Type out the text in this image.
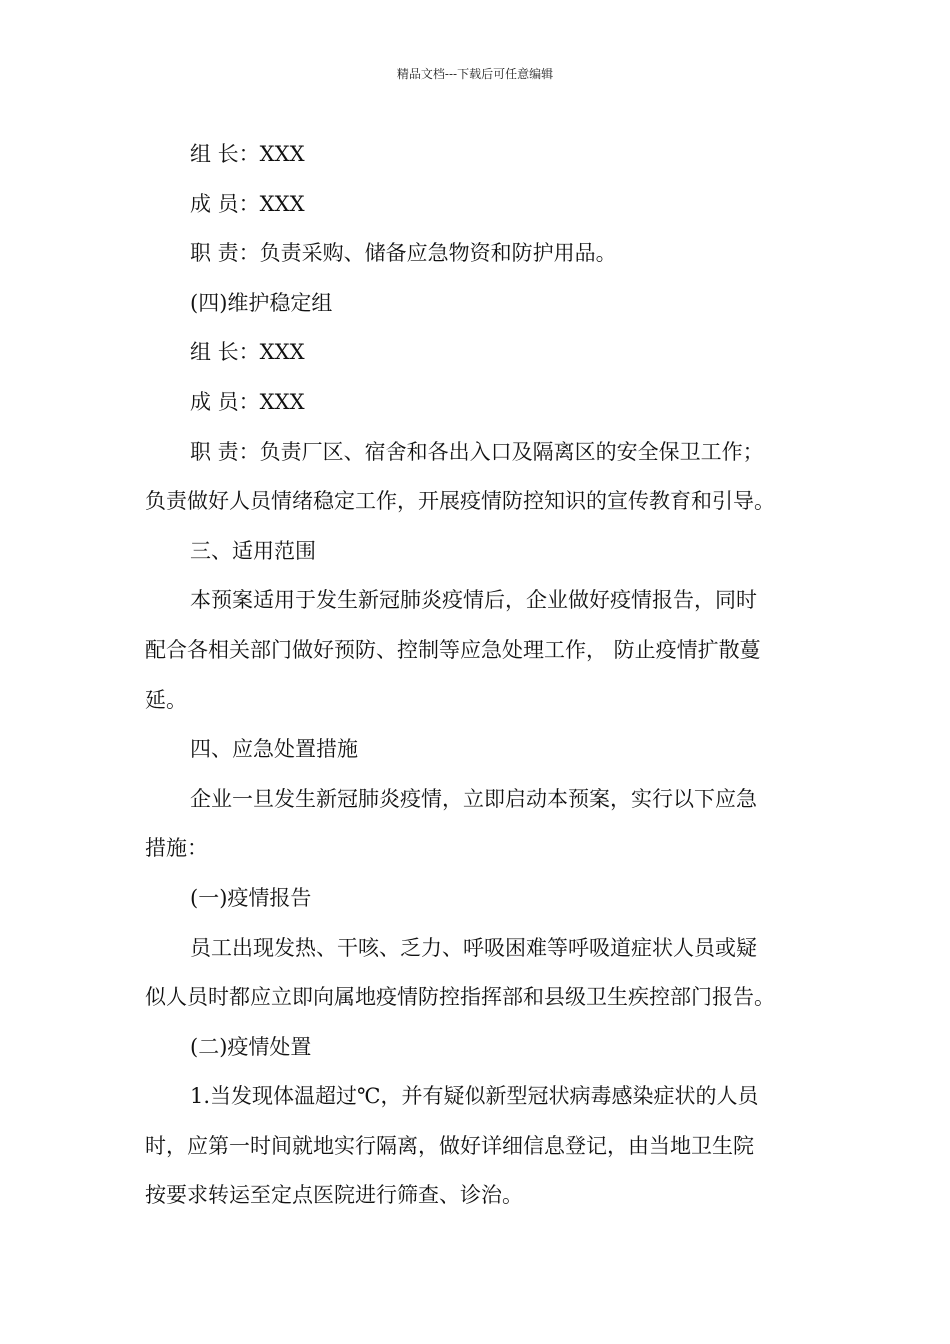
精品文档---下载后可任意编辑

组 长：XXX

成 员：XXX

职 责：负责采购、储备应急物资和防护用品。

(四)维护稳定组

组 长：XXX

成 员：XXX

职 责：负责厂区、宿舍和各出入口及隔离区的安全保卫工作；

负责做好人员情绪稳定工作，开展疫情防控知识的宣传教育和引导。

三、适用范围

本预案适用于发生新冠肺炎疫情后，企业做好疫情报告，同时

配合各相关部门做好预防、控制等应急处理工作， 防止疫情扩散蔓

延。

四、应急处置措施

企业一旦发生新冠肺炎疫情，立即启动本预案，实行以下应急

措施：

(一)疫情报告

员工出现发热、干咳、乏力、呼吸困难等呼吸道症状人员或疑

似人员时都应立即向属地疫情防控指挥部和县级卫生疾控部门报告。

(二)疫情处置

1.当发现体温超过℃，并有疑似新型冠状病毒感染症状的人员

时，应第一时间就地实行隔离，做好详细信息登记，由当地卫生院

按要求转运至定点医院进行筛查、诊治。
